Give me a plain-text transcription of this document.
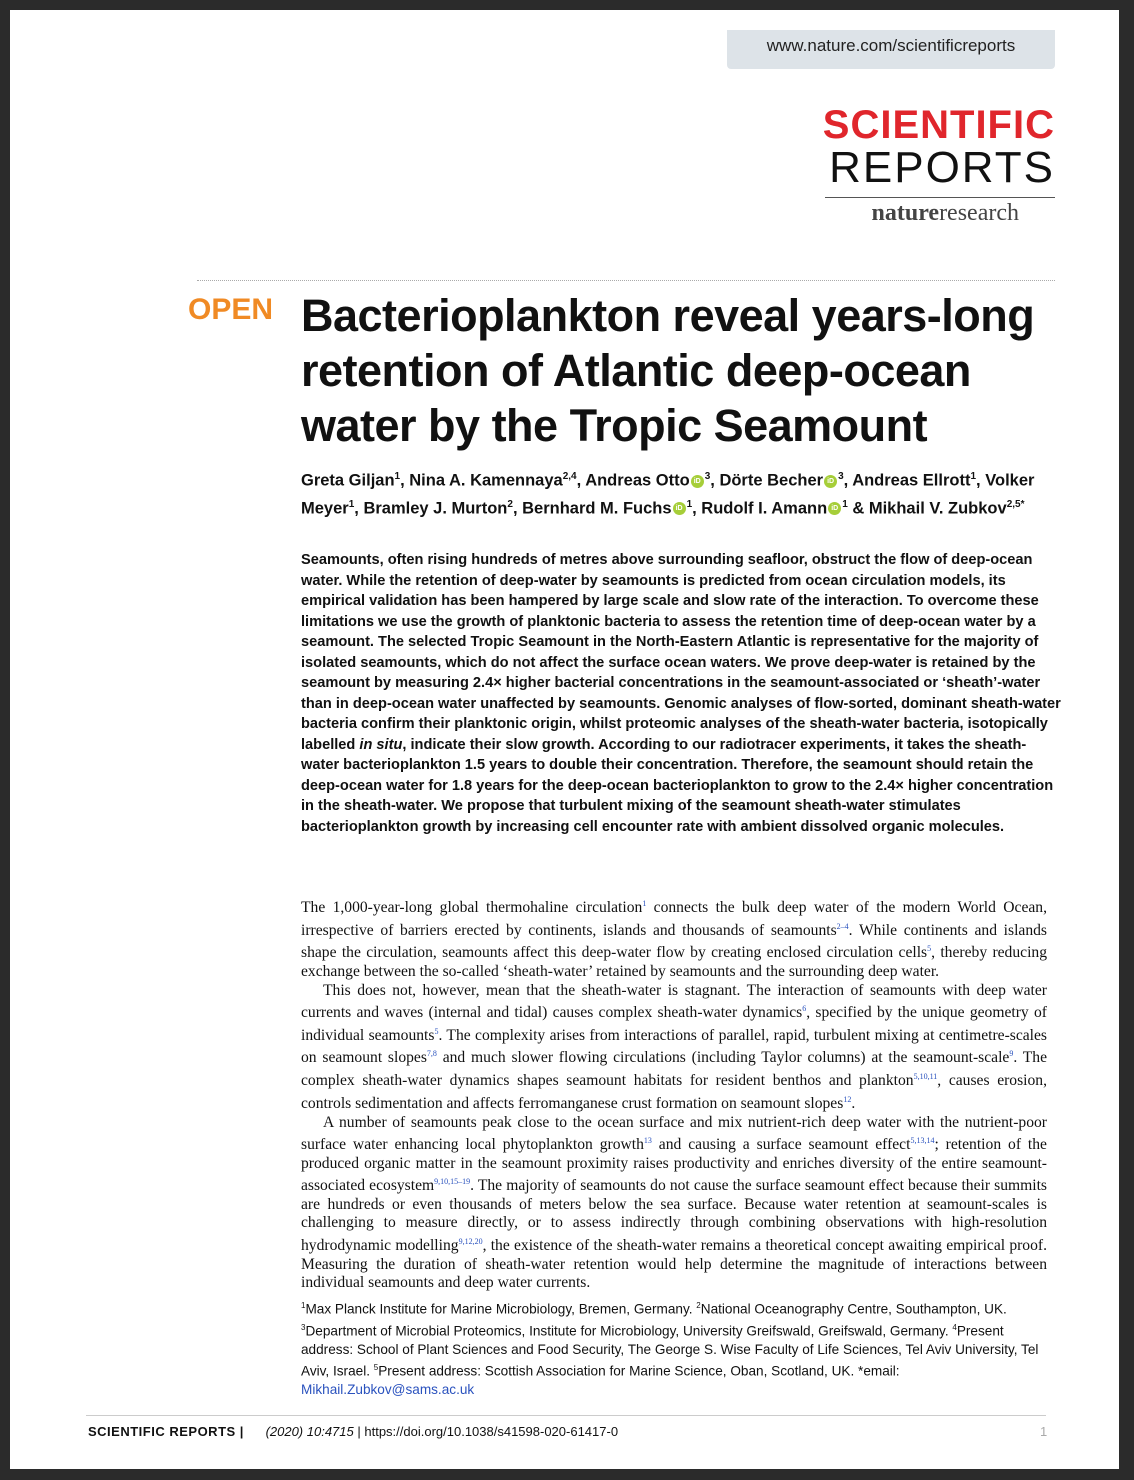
www.nature.com/scientificreports
SCIENTIFIC
REPORTS
natureresearch
OPEN Bacterioplankton reveal years-long retention of Atlantic deep-ocean water by the Tropic Seamount
Greta Giljan$^1$, Nina A. Kamennaya$^{2,4}$, Andreas Otto iD $^3$, Dörte Becher iD $^3$, Andreas Ellrott$^1$, Volker Meyer$^1$, Bramley J. Murton$^2$, Bernhard M. Fuchs iD $^1$, Rudolf I. Amann iD $^1$ & Mikhail V. Zubkov$^{2,5*}$

Seamounts, often rising hundreds of metres above surrounding seafloor, obstruct the flow of deep-ocean water. While the retention of deep-water by seamounts is predicted from ocean circulation models, its empirical validation has been hampered by large scale and slow rate of the interaction. To overcome these limitations we use the growth of planktonic bacteria to assess the retention time of deep-ocean water by a seamount. The selected Tropic Seamount in the North-Eastern Atlantic is representative for the majority of isolated seamounts, which do not affect the surface ocean waters. We prove deep-water is retained by the seamount by measuring 2.4× higher bacterial concentrations in the seamount-associated or ‘sheath’-water than in deep-ocean water unaffected by seamounts. Genomic analyses of flow-sorted, dominant sheath-water bacteria confirm their planktonic origin, whilst proteomic analyses of the sheath-water bacteria, isotopically labelled in situ, indicate their slow growth. According to our radiotracer experiments, it takes the sheath-water bacterioplankton 1.5 years to double their concentration. Therefore, the seamount should retain the deep-ocean water for 1.8 years for the deep-ocean bacterioplankton to grow to the 2.4× higher concentration in the sheath-water. We propose that turbulent mixing of the seamount sheath-water stimulates bacterioplankton growth by increasing cell encounter rate with ambient dissolved organic molecules.

The 1,000-year-long global thermohaline circulation$^1$ connects the bulk deep water of the modern World Ocean, irrespective of barriers erected by continents, islands and thousands of seamounts$^{2-4}$. While continents and islands shape the circulation, seamounts affect this deep-water flow by creating enclosed circulation cells$^5$, thereby reducing exchange between the so-called ‘sheath-water’ retained by seamounts and the surrounding deep water.

This does not, however, mean that the sheath-water is stagnant. The interaction of seamounts with deep water currents and waves (internal and tidal) causes complex sheath-water dynamics$^6$, specified by the unique geometry of individual seamounts$^5$. The complexity arises from interactions of parallel, rapid, turbulent mixing at centimetre-scales on seamount slopes$^{7,8}$ and much slower flowing circulations (including Taylor columns) at the seamount-scale$^9$. The complex sheath-water dynamics shapes seamount habitats for resident benthos and plankton$^{5,10,11}$, causes erosion, controls sedimentation and affects ferromanganese crust formation on seamount slopes$^{12}$.

A number of seamounts peak close to the ocean surface and mix nutrient-rich deep water with the nutrient-poor surface water enhancing local phytoplankton growth$^{13}$ and causing a surface seamount effect$^{5,13,14}$; retention of the produced organic matter in the seamount proximity raises productivity and enriches diversity of the entire seamount-associated ecosystem$^{9,10,15-19}$. The majority of seamounts do not cause the surface seamount effect because their summits are hundreds or even thousands of meters below the sea surface. Because water retention at seamount-scales is challenging to measure directly, or to assess indirectly through combining observations with high-resolution hydrodynamic modelling$^{9,12,20}$, the existence of the sheath-water remains a theoretical concept awaiting empirical proof. Measuring the duration of sheath-water retention would help determine the magnitude of interactions between individual seamounts and deep water currents.

$^1$Max Planck Institute for Marine Microbiology, Bremen, Germany. $^2$National Oceanography Centre, Southampton, UK. $^3$Department of Microbial Proteomics, Institute for Microbiology, University Greifswald, Greifswald, Germany. $^4$Present address: School of Plant Sciences and Food Security, The George S. Wise Faculty of Life Sciences, Tel Aviv University, Tel Aviv, Israel. $^5$Present address: Scottish Association for Marine Science, Oban, Scotland, UK. *email: Mikhail.Zubkov@sams.ac.uk
SCIENTIFIC REPORTS | (2020) 10:4715 | https://doi.org/10.1038/s41598-020-61417-0	1
